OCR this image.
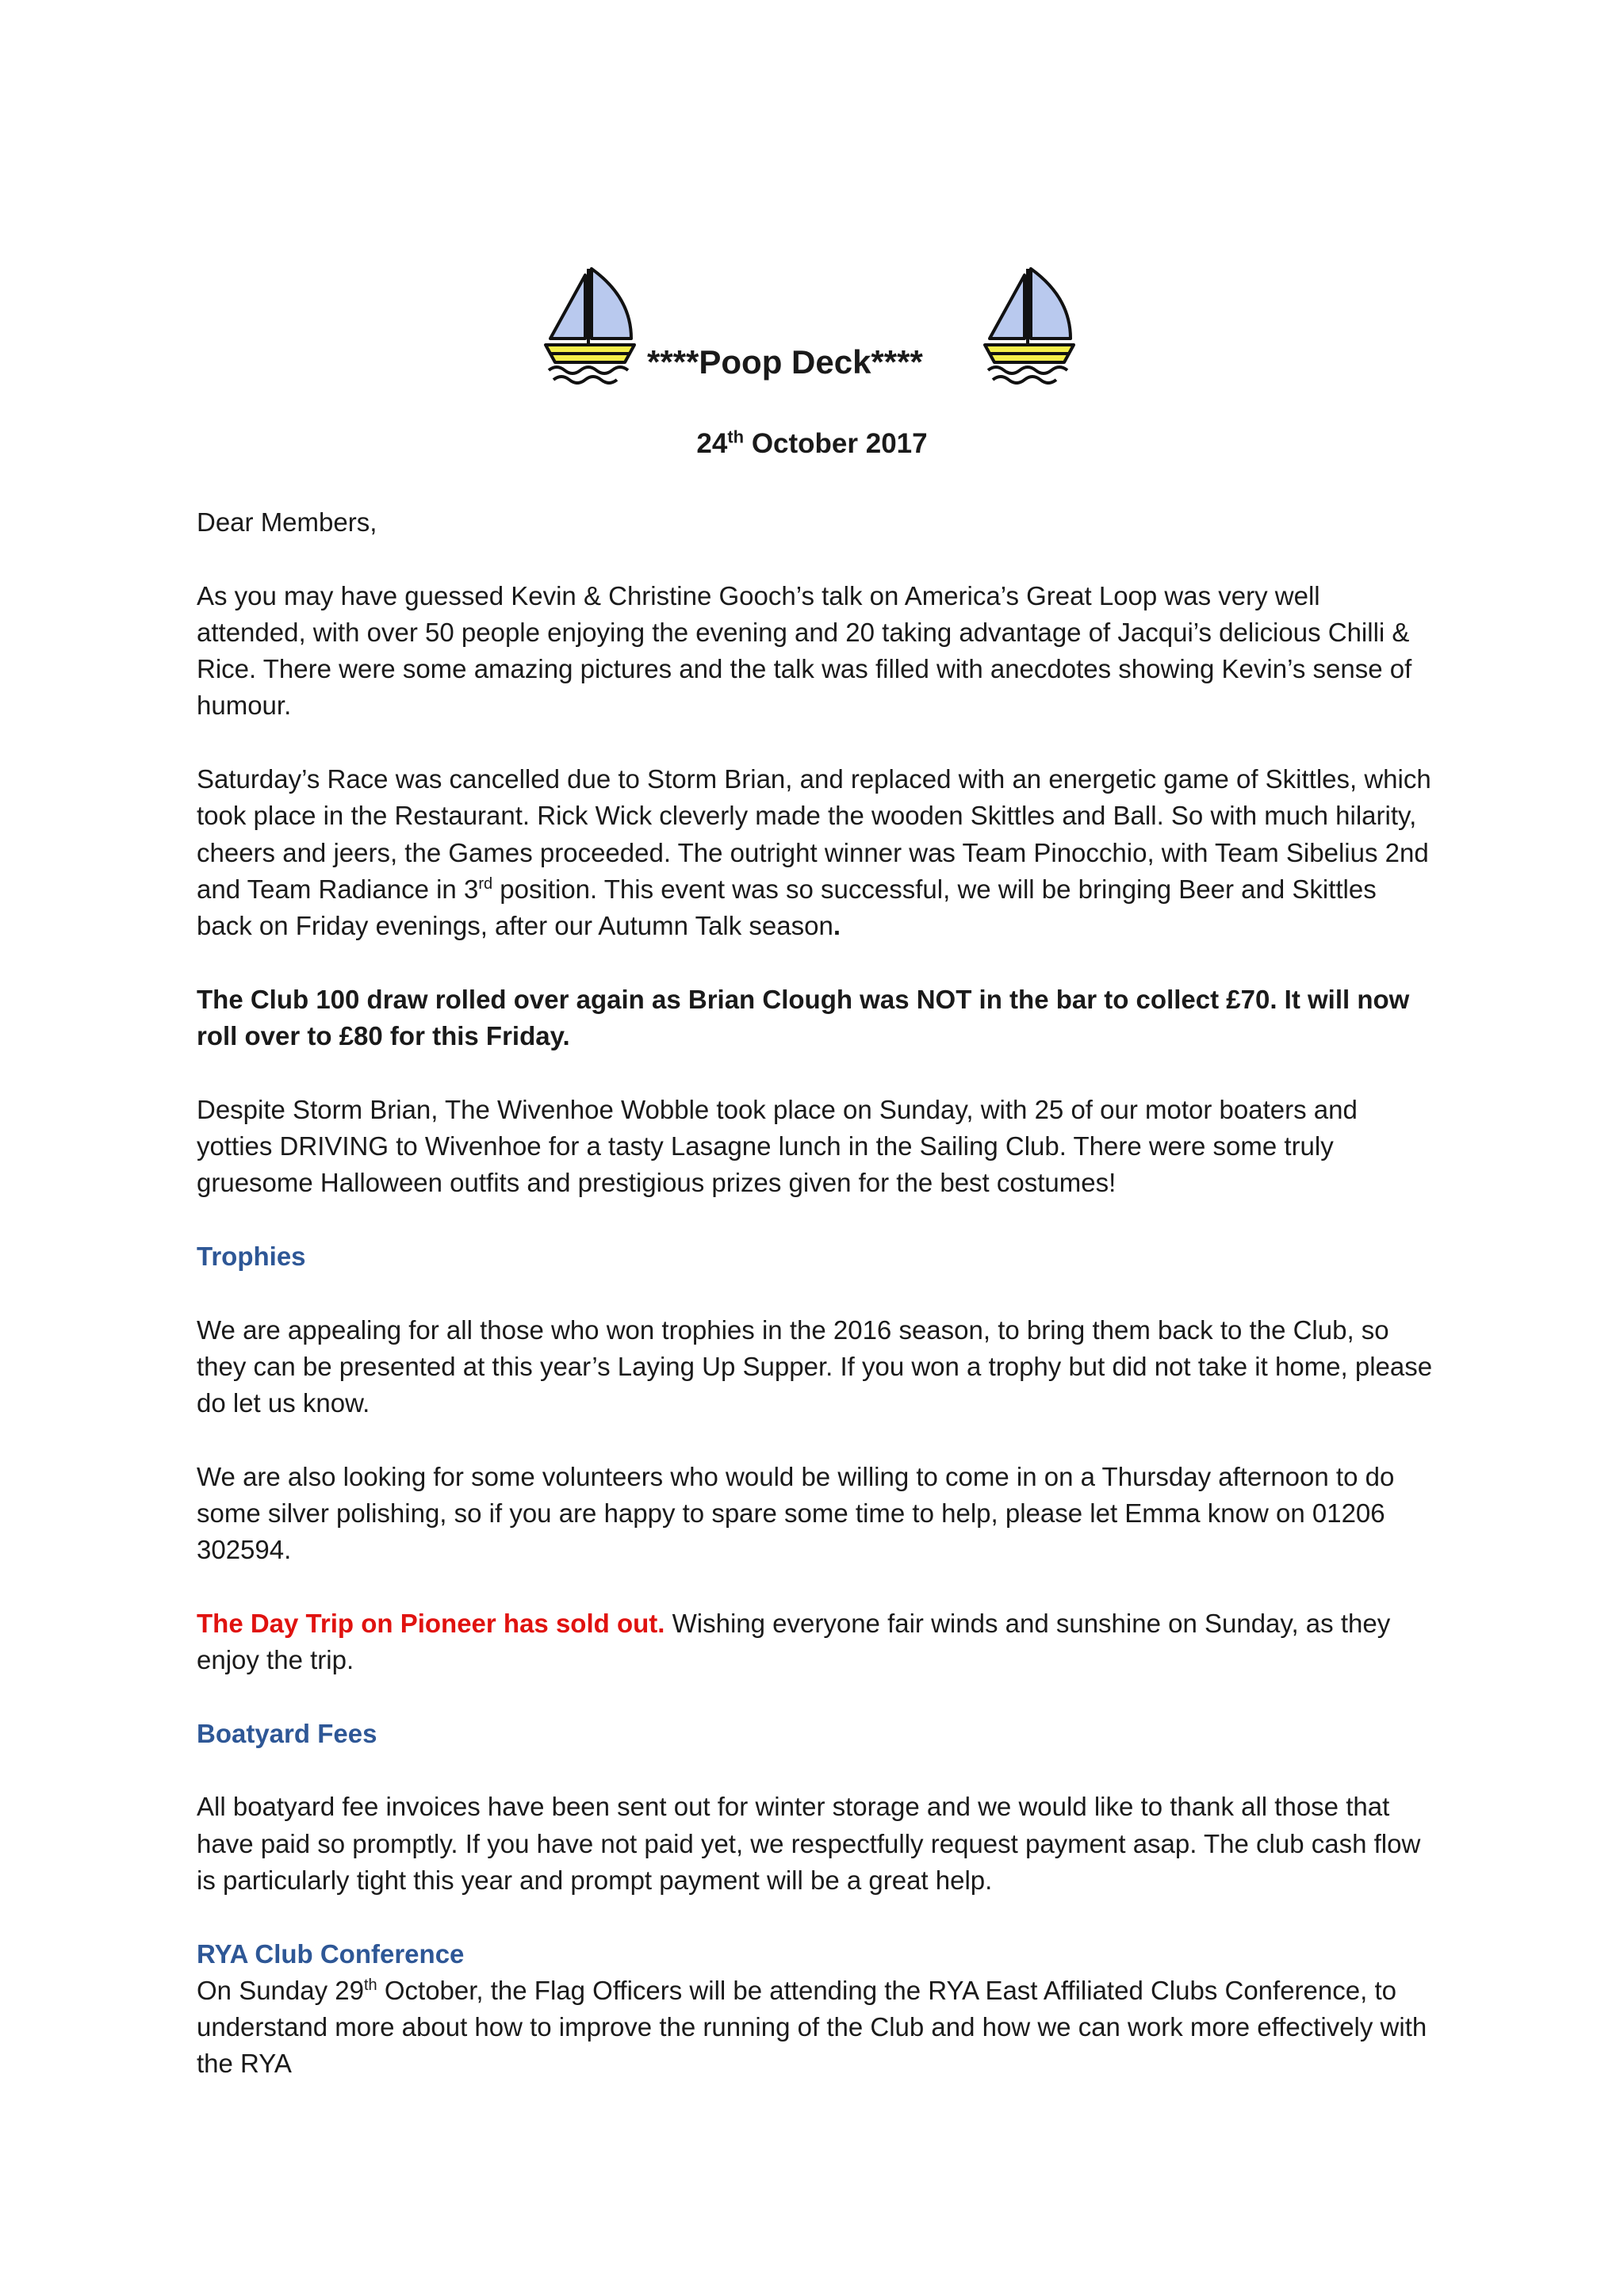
****Poop Deck****
24th October 2017

Dear Members,

As you may have guessed Kevin & Christine Gooch’s talk on America’s Great Loop was very well attended, with over 50 people enjoying the evening and 20 taking advantage of Jacqui’s delicious Chilli & Rice. There were some amazing pictures and the talk was filled with anecdotes showing Kevin’s sense of humour.

Saturday’s Race was cancelled due to Storm Brian, and replaced with an energetic game of Skittles, which took place in the Restaurant. Rick Wick cleverly made the wooden Skittles and Ball. So with much hilarity, cheers and jeers, the Games proceeded. The outright winner was Team Pinocchio, with Team Sibelius 2nd and Team Radiance in 3rd position. This event was so successful, we will be bringing Beer and Skittles back on Friday evenings, after our Autumn Talk season.

The Club 100 draw rolled over again as Brian Clough was NOT in the bar to collect £70. It will now roll over to £80 for this Friday.

Despite Storm Brian, The Wivenhoe Wobble took place on Sunday, with 25 of our motor boaters and yotties DRIVING to Wivenhoe for a tasty Lasagne lunch in the Sailing Club. There were some truly gruesome Halloween outfits and prestigious prizes given for the best costumes!

Trophies

We are appealing for all those who won trophies in the 2016 season, to bring them back to the Club, so they can be presented at this year’s Laying Up Supper. If you won a trophy but did not take it home, please do let us know.

We are also looking for some volunteers who would be willing to come in on a Thursday afternoon to do some silver polishing, so if you are happy to spare some time to help, please let Emma know on 01206 302594.

The Day Trip on Pioneer has sold out. Wishing everyone fair winds and sunshine on Sunday, as they enjoy the trip.

Boatyard Fees

All boatyard fee invoices have been sent out for winter storage and we would like to thank all those that have paid so promptly. If you have not paid yet, we respectfully request payment asap. The club cash flow is particularly tight this year and prompt payment will be a great help.

RYA Club Conference

On Sunday 29th October, the Flag Officers will be attending the RYA East Affiliated Clubs Conference, to understand more about how to improve the running of the Club and how we can work more effectively with the RYA
